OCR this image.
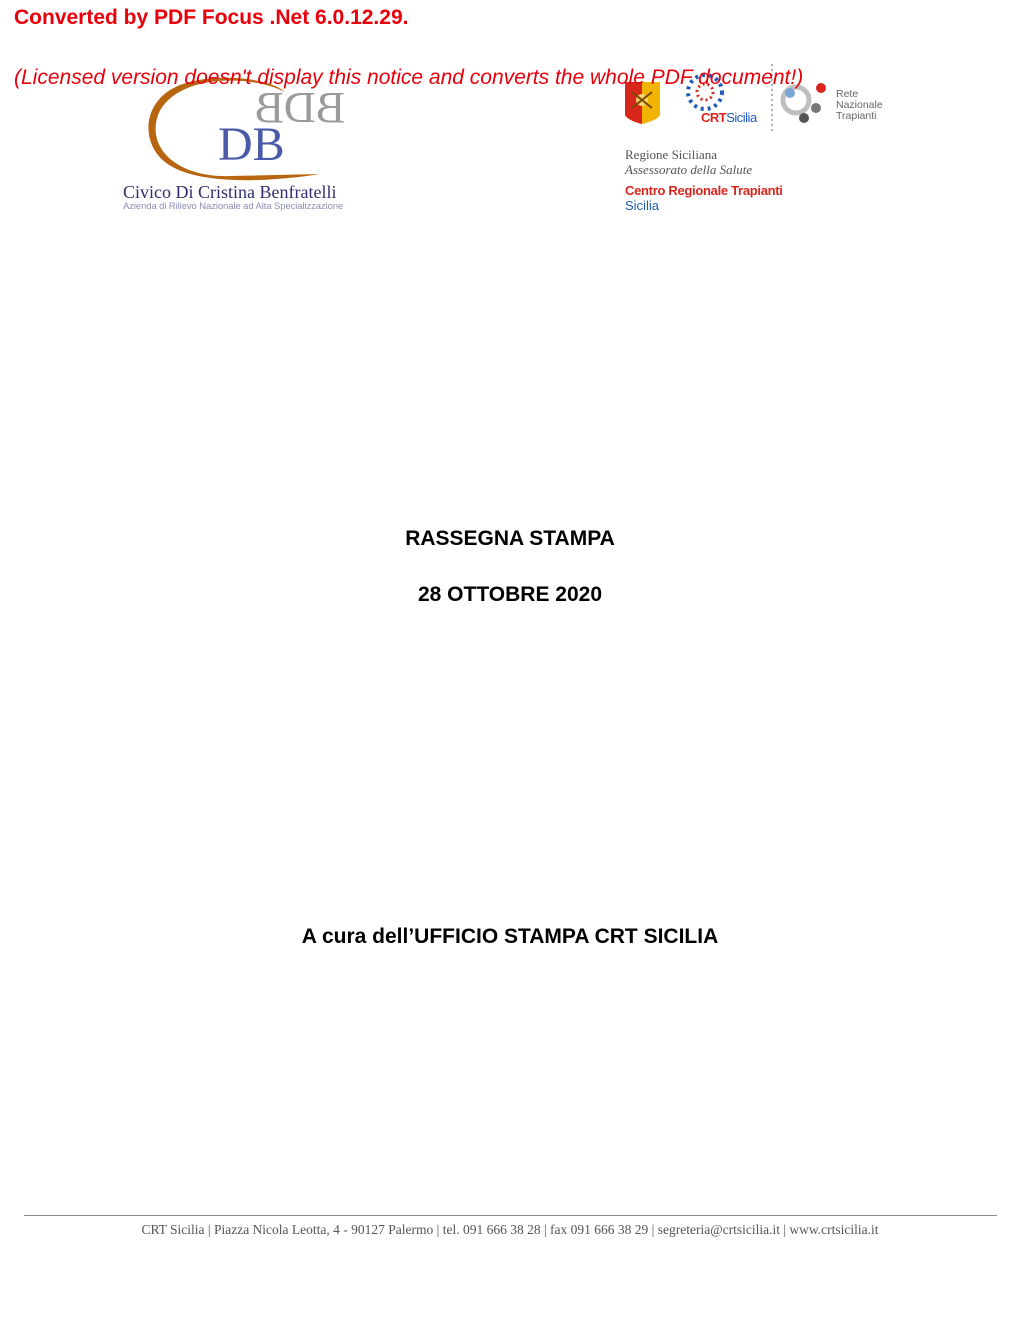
Converted by PDF Focus .Net 6.0.12.29.
(Licensed version doesn't display this notice and converts the whole PDF document!)
BDB
DB
Civico Di Cristina Benfratelli
Azienda di Rilievo Nazionale ad Alta Specializzazione
CRTSicilia
Rete
Nazionale
Trapianti
Regione Siciliana
Assessorato della Salute
Centro Regionale Trapianti
Sicilia
RASSEGNA STAMPA
28 OTTOBRE 2020
A cura dell’UFFICIO STAMPA CRT SICILIA
CRT Sicilia | Piazza Nicola Leotta, 4 - 90127 Palermo | tel. 091 666 38 28 | fax 091 666 38 29 | segreteria@crtsicilia.it | www.crtsicilia.it
